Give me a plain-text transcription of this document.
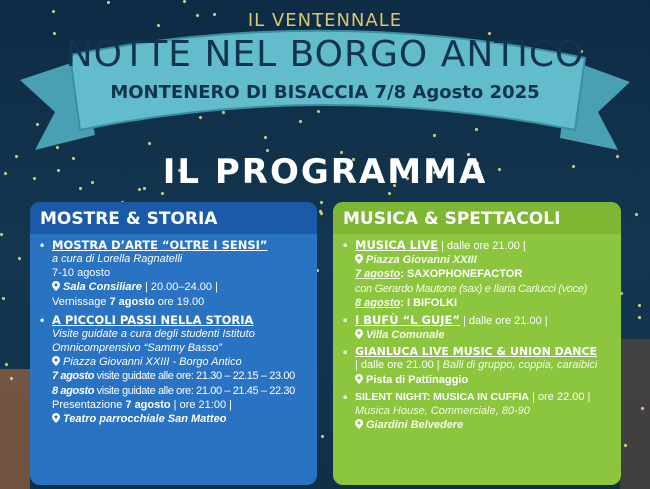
IL VENTENNALE
NOTTE NEL BORGO ANTICO
MONTENERO DI BISACCIA 7/8 Agosto 2025
PRO LOCO FRENTANA
IL PROGRAMMA
MOSTRE & STORIA
• MOSTRA D’ARTE “OLTRE I SENSI”
a cura di Lorella Ragnatelli
7-10 agosto
Sala Consiliare | 20.00–24.00 |
Vernissage 7 agosto ore 19.00
• A PICCOLI PASSI NELLA STORIA
Visite guidate a cura degli studenti Istituto
Omnicomprensivo “Sammy Basso”
Piazza Giovanni XXIII - Borgo Antico
7 agosto visite guidate alle ore: 21.30 – 22.15 – 23.00
8 agosto visite guidate alle ore: 21.00 – 21.45 – 22.30
Presentazione 7 agosto | ore 21:00 |
Teatro parrocchiale San Matteo
MUSICA & SPETTACOLI
• MUSICA LIVE | dalle ore 21.00 |
Piazza Giovanni XXIII
7 agosto: SAXOPHONEFACTOR
con Gerardo Mautone (sax) e Ilaria Carlucci (voce)
8 agosto: I BIFOLKI
• I BUFÙ “L GUJE” | dalle ore 21.00 |
Villa Comunale
• GIANLUCA LIVE MUSIC & UNION DANCE
| dalle ore 21.00 | Balli di gruppo, coppia, caraibici
Pista di Pattinaggio
• SILENT NIGHT: MUSICA IN CUFFIA | ore 22.00 |
Musica House, Commerciale, 80-90
Giardini Belvedere
